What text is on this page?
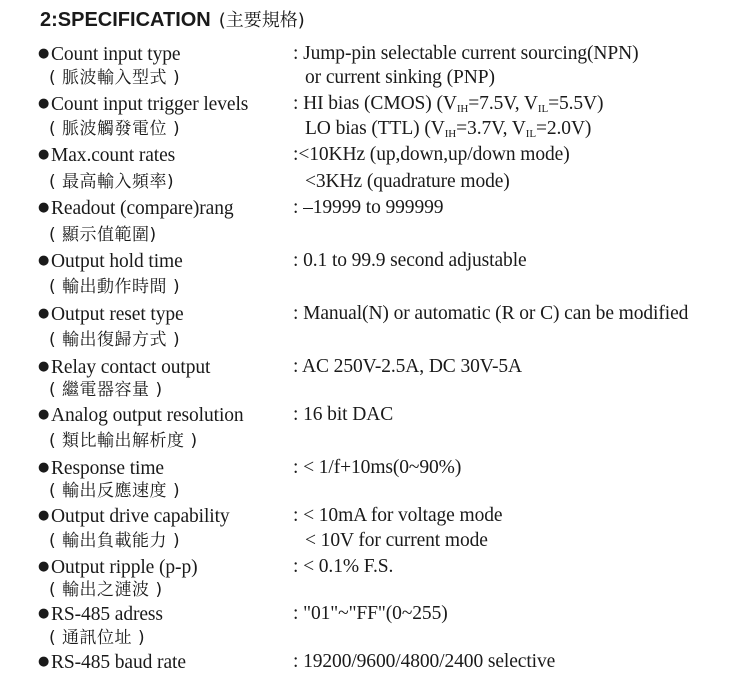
2:SPECIFICATION (主要規格)
●Count input type	: Jump-pin selectable current sourcing(NPN)
( 脈波輸入型式 )	or current sinking (PNP)
●Count input trigger levels : HI bias (CMOS) ($V_{IH}=7.5V$, $V_{IL}=5.5V$)
( 脈波觸發電位 )	LO bias (TTL) ($V_{IH}=3.7V$, $V_{IL}=2.0V$)
●Max.count rates	:<10KHz (up,down,up/down mode)
( 最高輸入頻率)	<3KHz (quadrature mode)
●Readout (compare)rang	: –19999 to 999999
( 顯示值範圍)
●Output hold time	: 0.1 to 99.9 second adjustable
( 輸出動作時間 )
●Output reset type	: Manual(N) or automatic (R or C) can be modified
( 輸出復歸方式 )
●Relay contact output	: AC 250V-2.5A, DC 30V-5A
( 繼電器容量 )
●Analog output resolution	: 16 bit DAC
( 類比輸出解析度 )
●Response time	: < 1/f+10ms(0~90%)
( 輸出反應速度 )
●Output drive capability	: < 10mA for voltage mode
( 輸出負載能力 )	< 10V for current mode
●Output ripple (p-p)	: < 0.1% F.S.
( 輸出之漣波 )
●RS-485 adress	: "01"~"FF"(0~255)
( 通訊位址 )
●RS-485 baud rate	: 19200/9600/4800/2400 selective
